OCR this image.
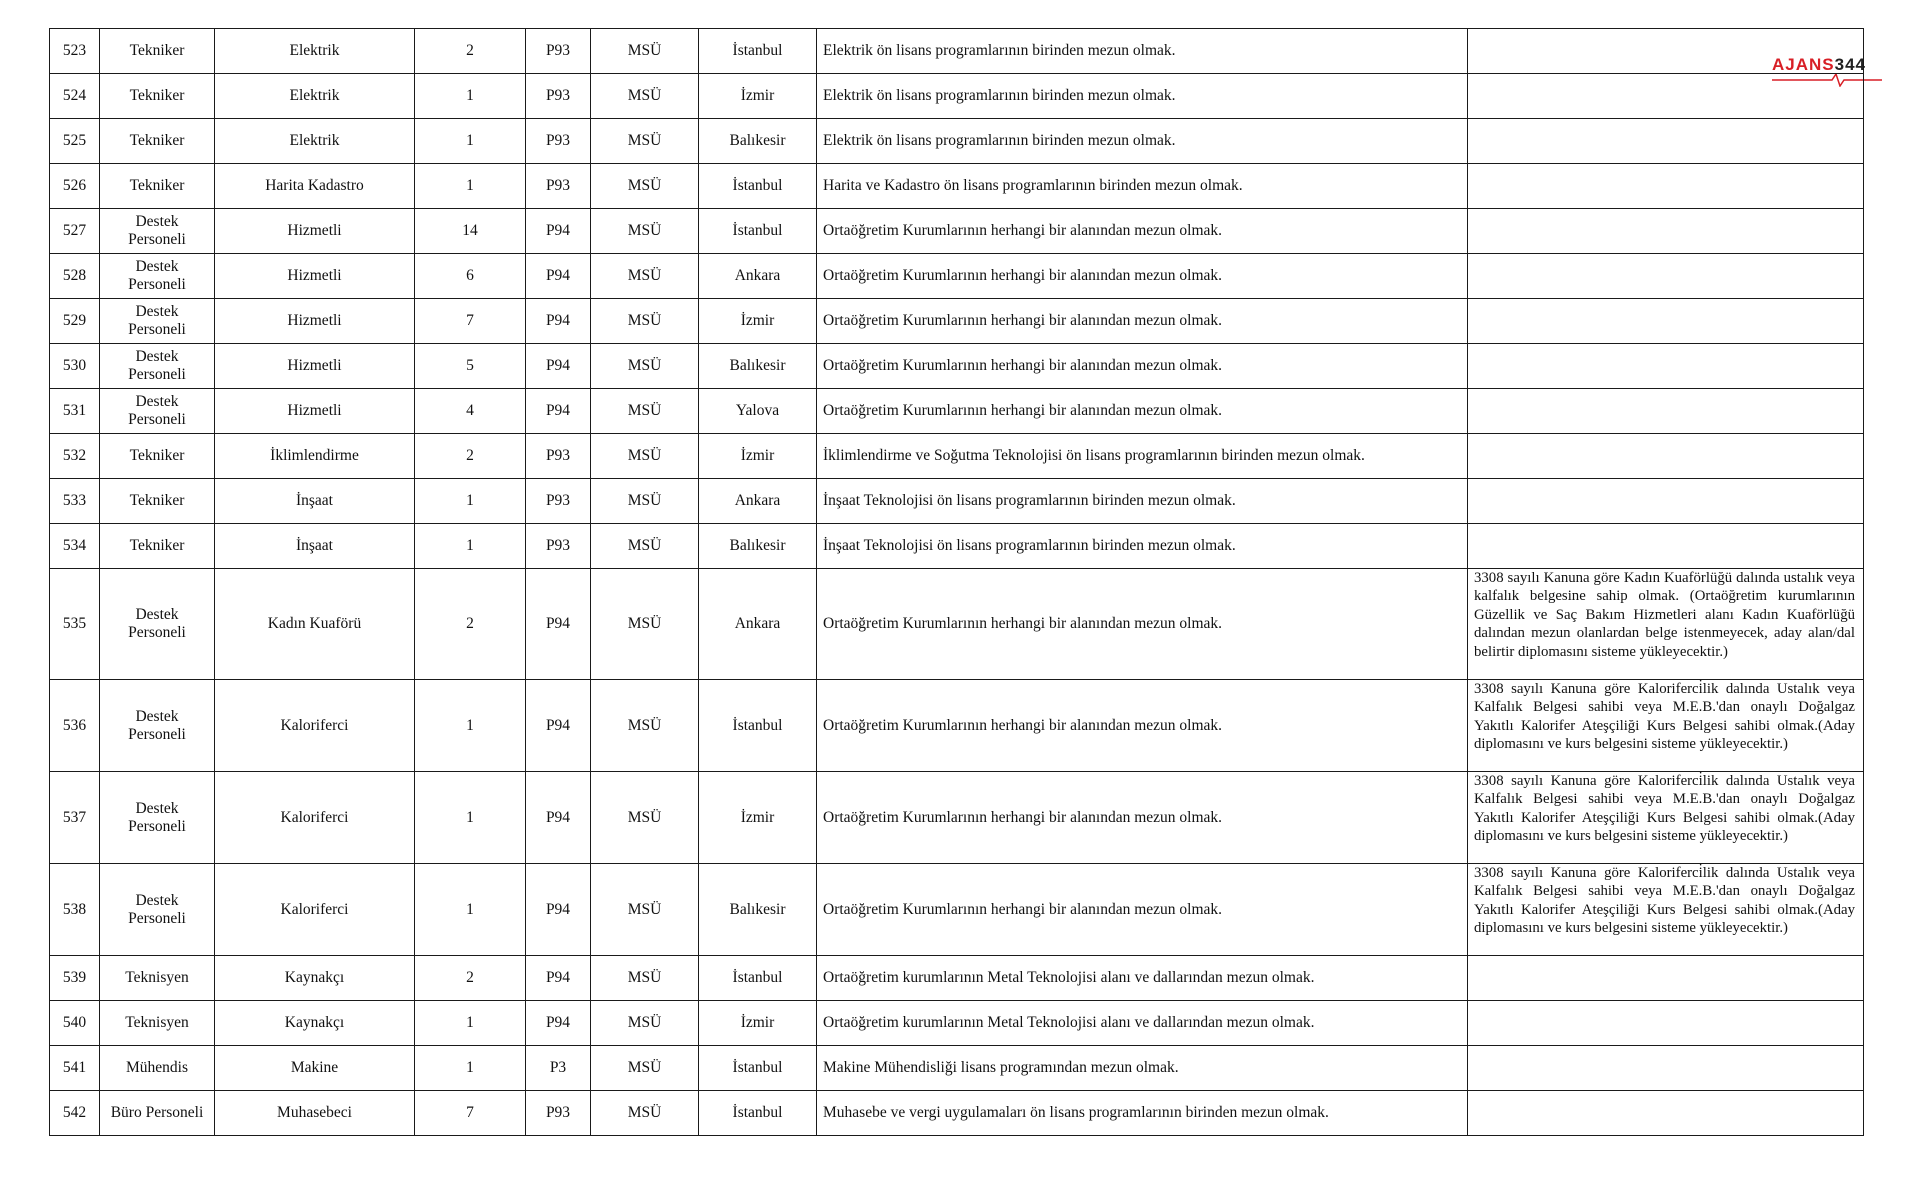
AJANS344
523	Tekniker	Elektrik	2	P93	MSÜ	İstanbul	Elektrik ön lisans programlarının birinden mezun olmak.	
524	Tekniker	Elektrik	1	P93	MSÜ	İzmir	Elektrik ön lisans programlarının birinden mezun olmak.	
525	Tekniker	Elektrik	1	P93	MSÜ	Balıkesir	Elektrik ön lisans programlarının birinden mezun olmak.	
526	Tekniker	Harita Kadastro	1	P93	MSÜ	İstanbul	Harita ve Kadastro ön lisans programlarının birinden mezun olmak.	
527	Destek Personeli	Hizmetli	14	P94	MSÜ	İstanbul	Ortaöğretim Kurumlarının herhangi bir alanından mezun olmak.	
528	Destek Personeli	Hizmetli	6	P94	MSÜ	Ankara	Ortaöğretim Kurumlarının herhangi bir alanından mezun olmak.	
529	Destek Personeli	Hizmetli	7	P94	MSÜ	İzmir	Ortaöğretim Kurumlarının herhangi bir alanından mezun olmak.	
530	Destek Personeli	Hizmetli	5	P94	MSÜ	Balıkesir	Ortaöğretim Kurumlarının herhangi bir alanından mezun olmak.	
531	Destek Personeli	Hizmetli	4	P94	MSÜ	Yalova	Ortaöğretim Kurumlarının herhangi bir alanından mezun olmak.	
532	Tekniker	İklimlendirme	2	P93	MSÜ	İzmir	İklimlendirme ve Soğutma Teknolojisi ön lisans programlarının birinden mezun olmak.	
533	Tekniker	İnşaat	1	P93	MSÜ	Ankara	İnşaat Teknolojisi ön lisans programlarının birinden mezun olmak.	
534	Tekniker	İnşaat	1	P93	MSÜ	Balıkesir	İnşaat Teknolojisi ön lisans programlarının birinden mezun olmak.	
535	Destek Personeli	Kadın Kuaförü	2	P94	MSÜ	Ankara	Ortaöğretim Kurumlarının herhangi bir alanından mezun olmak.	3308 sayılı Kanuna göre Kadın Kuaförlüğü dalında ustalık veya kalfalık belgesine sahip olmak. (Ortaöğretim kurumlarının Güzellik ve Saç Bakım Hizmetleri alanı Kadın Kuaförlüğü dalından mezun olanlardan belge istenmeyecek, aday alan/dal belirtir diplomasını sisteme yükleyecektir.)
536	Destek Personeli	Kaloriferci	1	P94	MSÜ	İstanbul	Ortaöğretim Kurumlarının herhangi bir alanından mezun olmak.	3308 sayılı Kanuna göre Kaloriferci̇lik dalında Ustalık veya Kalfalık Belgesi sahibi veya M.E.B.'dan onaylı Doğalgaz Yakıtlı Kalorifer Ateşçiliği Kurs Belgesi sahibi olmak.(Aday diplomasını ve kurs belgesini sisteme yükleyecektir.)
537	Destek Personeli	Kaloriferci	1	P94	MSÜ	İzmir	Ortaöğretim Kurumlarının herhangi bir alanından mezun olmak.	3308 sayılı Kanuna göre Kaloriferci̇lik dalında Ustalık veya Kalfalık Belgesi sahibi veya M.E.B.'dan onaylı Doğalgaz Yakıtlı Kalorifer Ateşçiliği Kurs Belgesi sahibi olmak.(Aday diplomasını ve kurs belgesini sisteme yükleyecektir.)
538	Destek Personeli	Kaloriferci	1	P94	MSÜ	Balıkesir	Ortaöğretim Kurumlarının herhangi bir alanından mezun olmak.	3308 sayılı Kanuna göre Kaloriferci̇lik dalında Ustalık veya Kalfalık Belgesi sahibi veya M.E.B.'dan onaylı Doğalgaz Yakıtlı Kalorifer Ateşçiliği Kurs Belgesi sahibi olmak.(Aday diplomasını ve kurs belgesini sisteme yükleyecektir.)
539	Teknisyen	Kaynakçı	2	P94	MSÜ	İstanbul	Ortaöğretim kurumlarının Metal Teknolojisi alanı ve dallarından mezun olmak.	
540	Teknisyen	Kaynakçı	1	P94	MSÜ	İzmir	Ortaöğretim kurumlarının Metal Teknolojisi alanı ve dallarından mezun olmak.	
541	Mühendis	Makine	1	P3	MSÜ	İstanbul	Makine Mühendisliği lisans programından mezun olmak.	
542	Büro Personeli	Muhasebeci	7	P93	MSÜ	İstanbul	Muhasebe ve vergi uygulamaları ön lisans programlarının birinden mezun olmak.	
